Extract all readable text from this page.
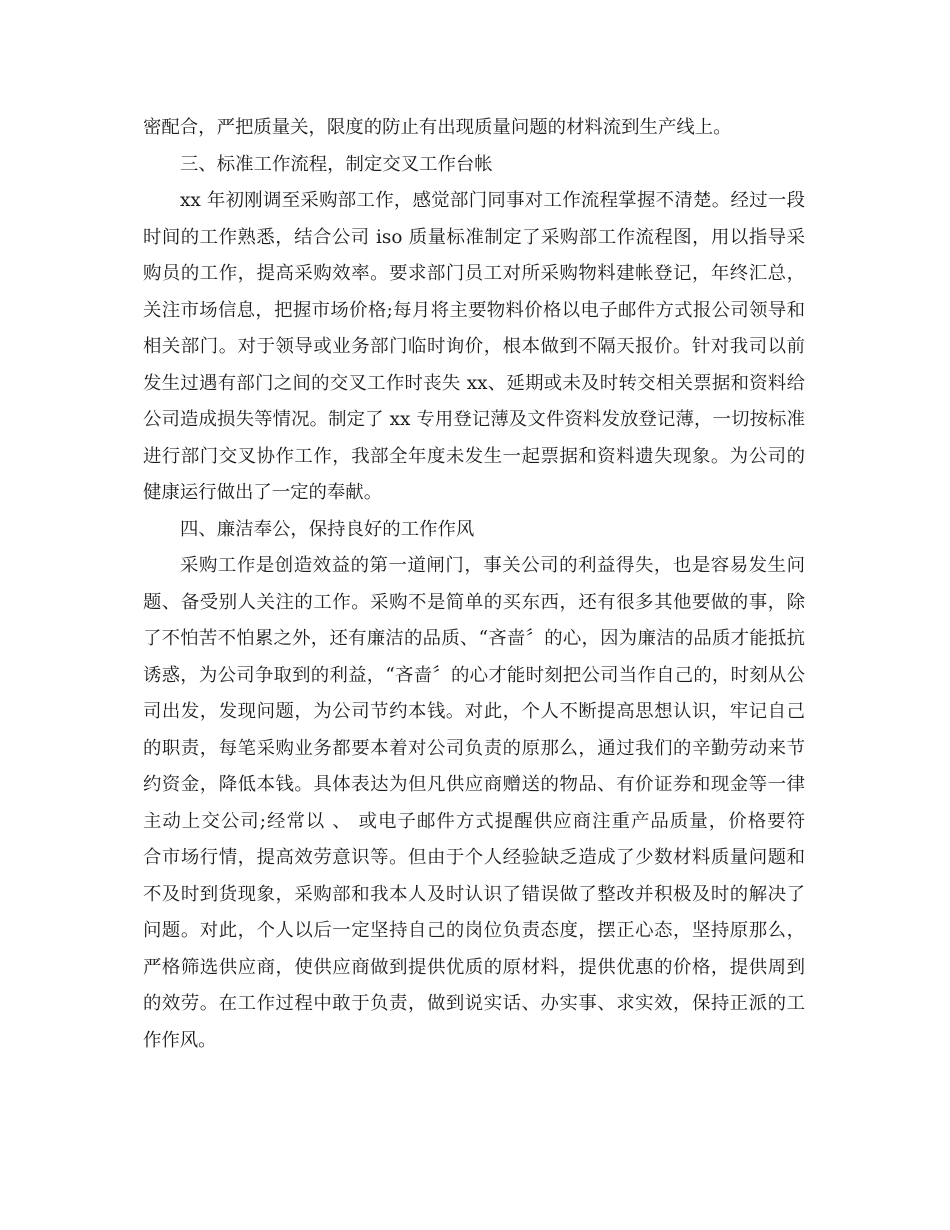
密配合，严把质量关，限度的防止有出现质量问题的材料流到生产线上。
三、标准工作流程，制定交叉工作台帐
xx 年初刚调至采购部工作，感觉部门同事对工作流程掌握不清楚。经过一段
时间的工作熟悉，结合公司 iso 质量标准制定了采购部工作流程图，用以指导采
购员的工作，提高采购效率。要求部门员工对所采购物料建帐登记，年终汇总，
关注市场信息，把握市场价格;每月将主要物料价格以电子邮件方式报公司领导和
相关部门。对于领导或业务部门临时询价，根本做到不隔天报价。针对我司以前
发生过遇有部门之间的交叉工作时丧失 xx、延期或未及时转交相关票据和资料给
公司造成损失等情况。制定了 xx 专用登记薄及文件资料发放登记薄，一切按标准
进行部门交叉协作工作，我部全年度未发生一起票据和资料遗失现象。为公司的
健康运行做出了一定的奉献。
四、廉洁奉公，保持良好的工作作风
采购工作是创造效益的第一道闸门，事关公司的利益得失，也是容易发生问
题、备受别人关注的工作。采购不是简单的买东西，还有很多其他要做的事，除
了不怕苦不怕累之外，还有廉洁的品质、“吝啬〞的心，因为廉洁的品质才能抵抗
诱惑，为公司争取到的利益，“吝啬〞的心才能时刻把公司当作自己的，时刻从公
司出发，发现问题，为公司节约本钱。对此，个人不断提高思想认识，牢记自己
的职责，每笔采购业务都要本着对公司负责的原那么，通过我们的辛勤劳动来节
约资金，降低本钱。具体表达为但凡供应商赠送的物品、有价证券和现金等一律
主动上交公司;经常以 、 或电子邮件方式提醒供应商注重产品质量，价格要符
合市场行情，提高效劳意识等。但由于个人经验缺乏造成了少数材料质量问题和
不及时到货现象，采购部和我本人及时认识了错误做了整改并积极及时的解决了
问题。对此，个人以后一定坚持自己的岗位负责态度，摆正心态，坚持原那么，
严格筛选供应商，使供应商做到提供优质的原材料，提供优惠的价格，提供周到
的效劳。在工作过程中敢于负责，做到说实话、办实事、求实效，保持正派的工
作作风。
